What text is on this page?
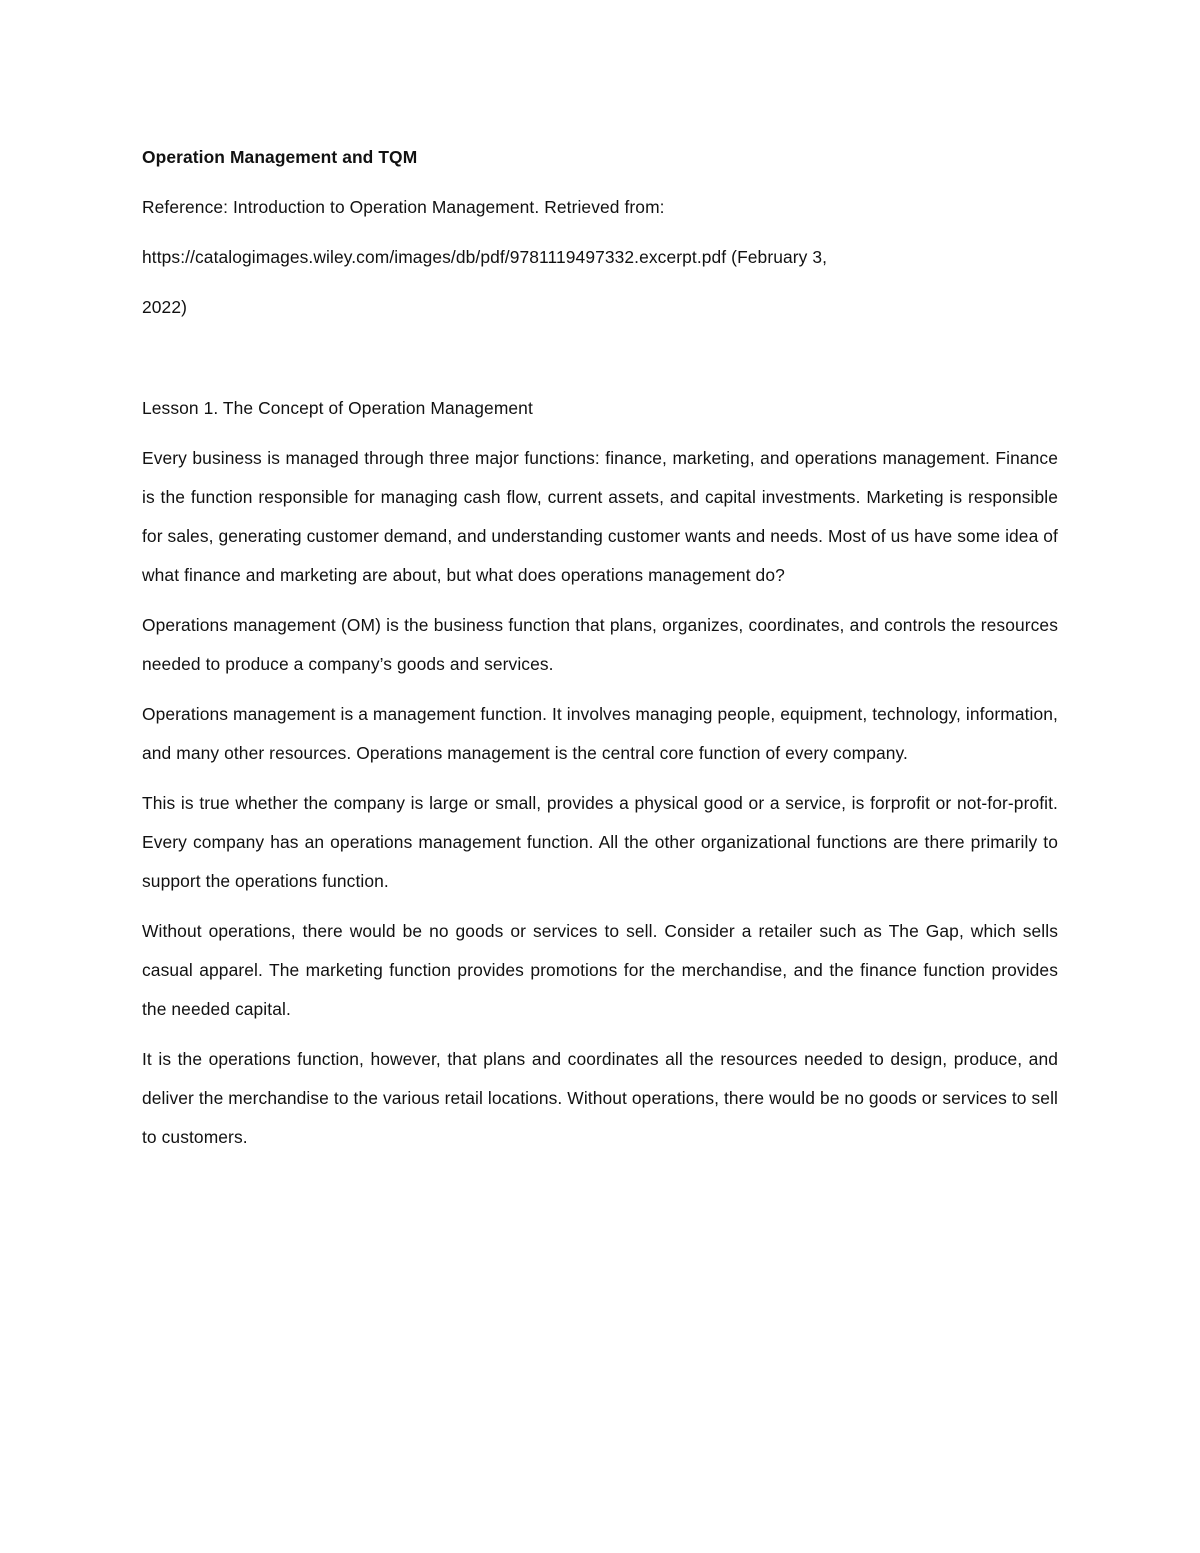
Operation Management and TQM

Reference: Introduction to Operation Management. Retrieved from:

https://catalogimages.wiley.com/images/db/pdf/9781119497332.excerpt.pdf (February 3,

2022)

Lesson 1. The Concept of Operation Management

Every business is managed through three major functions: finance, marketing, and operations management. Finance is the function responsible for managing cash flow, current assets, and capital investments. Marketing is responsible for sales, generating customer demand, and understanding customer wants and needs. Most of us have some idea of what finance and marketing are about, but what does operations management do?

Operations management (OM) is the business function that plans, organizes, coordinates, and controls the resources needed to produce a company’s goods and services.

Operations management is a management function. It involves managing people, equipment, technology, information, and many other resources. Operations management is the central core function of every company.

This is true whether the company is large or small, provides a physical good or a service, is forprofit or not-for-profit. Every company has an operations management function. All the other organizational functions are there primarily to support the operations function.

Without operations, there would be no goods or services to sell. Consider a retailer such as The Gap, which sells casual apparel. The marketing function provides promotions for the merchandise, and the finance function provides the needed capital.

It is the operations function, however, that plans and coordinates all the resources needed to design, produce, and deliver the merchandise to the various retail locations. Without operations, there would be no goods or services to sell to customers.
